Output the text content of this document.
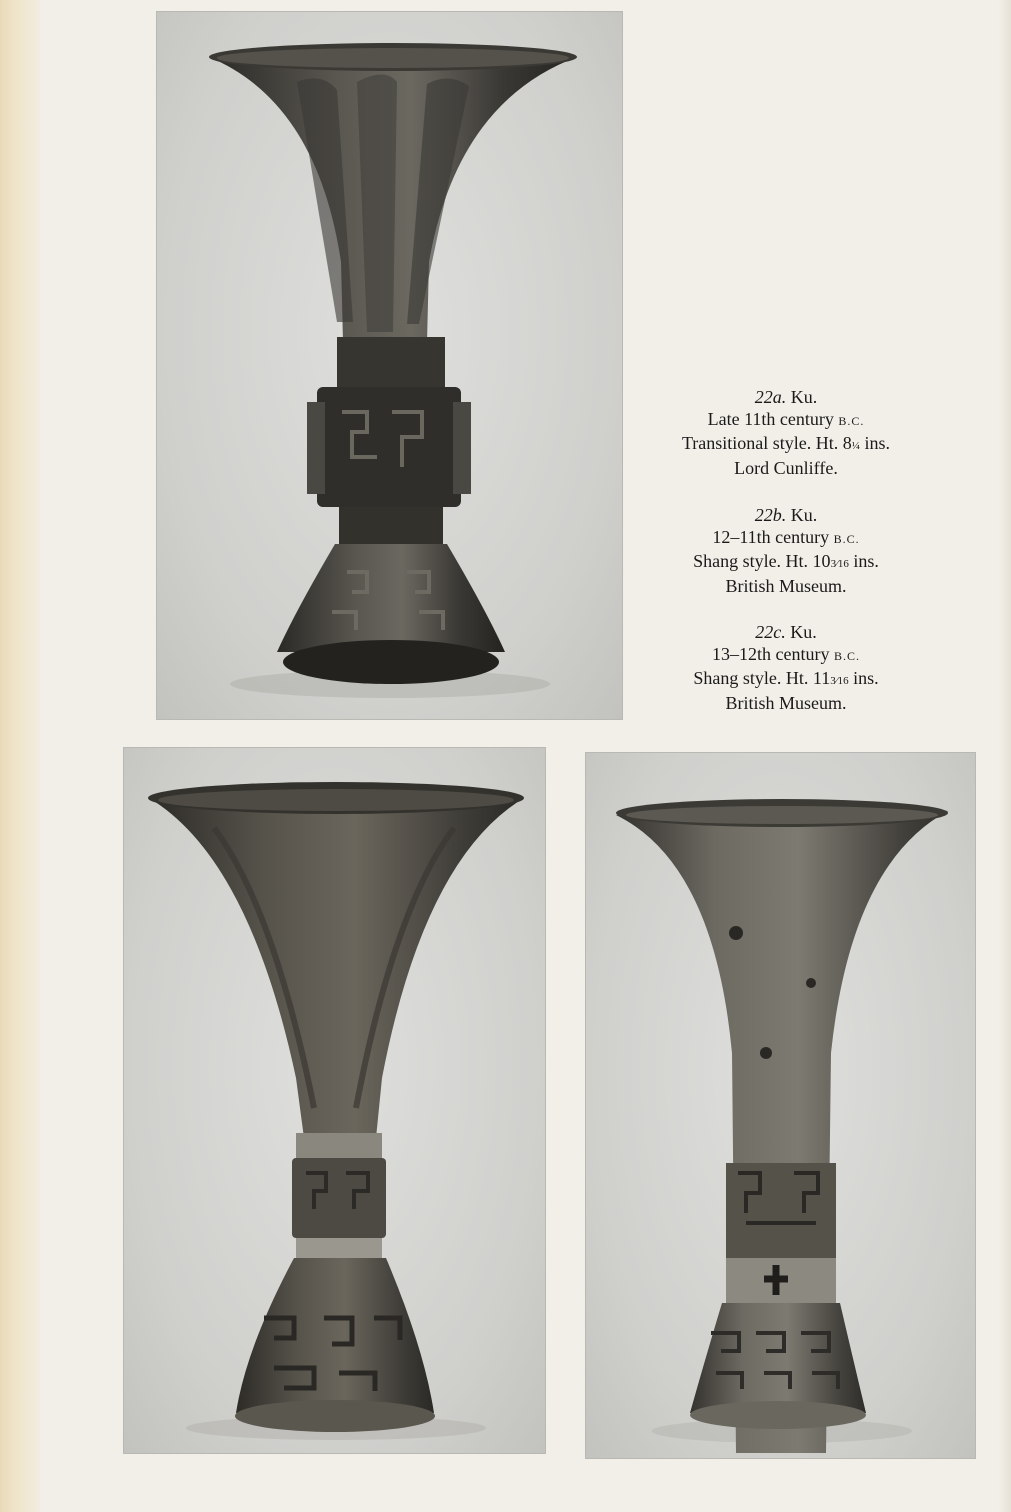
22a. Ku.
Late 11th century B.C.
Transitional style. Ht. 8¼ ins.
Lord Cunliffe.
22b. Ku.
12–11th century B.C.
Shang style. Ht. 103⁄16 ins.
British Museum.
22c. Ku.
13–12th century B.C.
Shang style. Ht. 113⁄16 ins.
British Museum.
